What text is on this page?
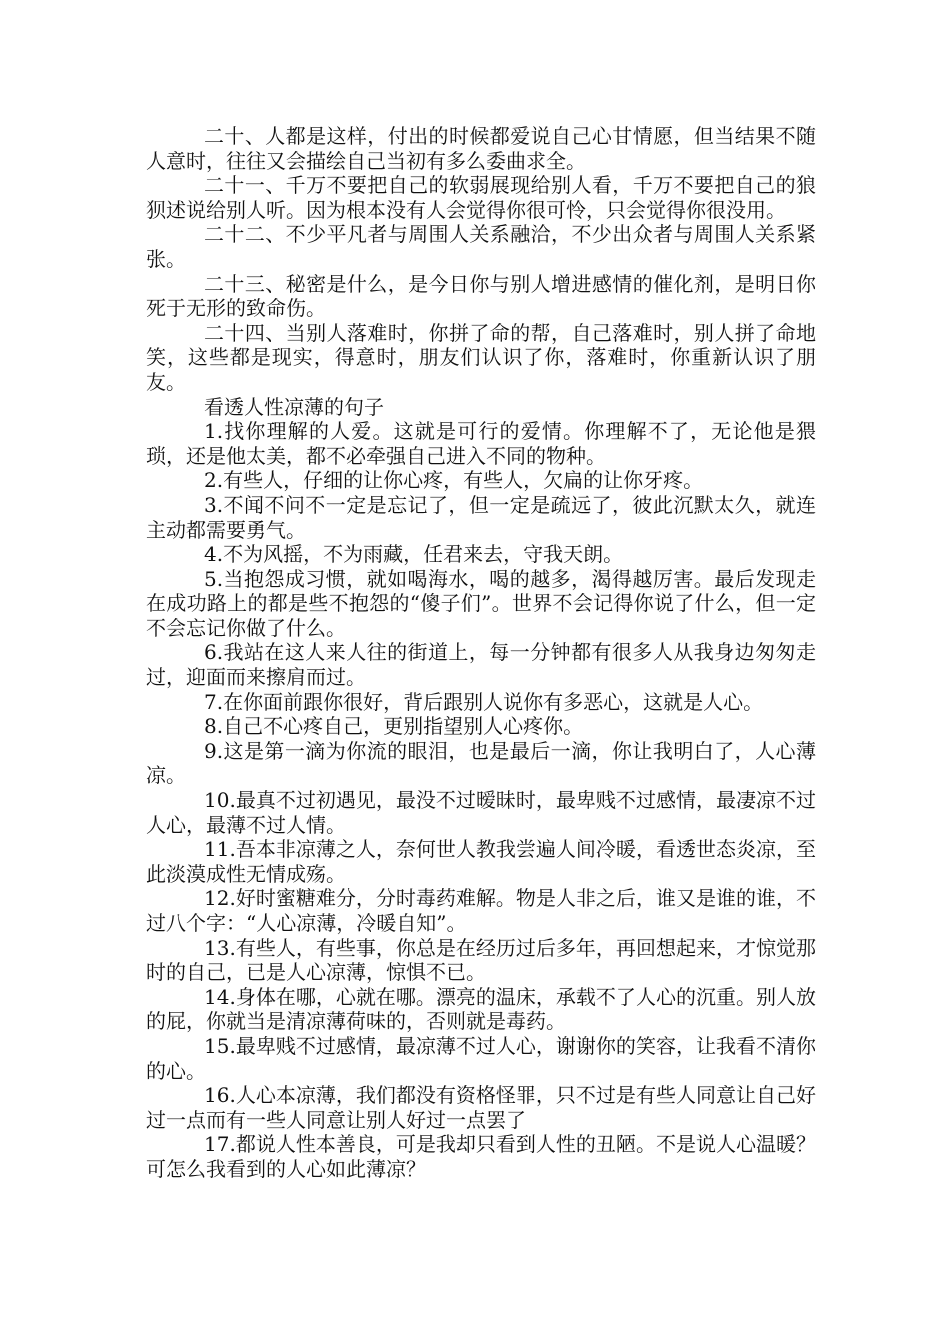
二十、人都是这样，付出的时候都爱说自己心甘情愿，但当结果不随人意时，往往又会描绘自己当初有多么委曲求全。

二十一、千万不要把自己的软弱展现给别人看，千万不要把自己的狼狈述说给别人听。因为根本没有人会觉得你很可怜，只会觉得你很没用。

二十二、不少平凡者与周围人关系融洽，不少出众者与周围人关系紧张。

二十三、秘密是什么，是今日你与别人增进感情的催化剂，是明日你死于无形的致命伤。

二十四、当别人落难时，你拼了命的帮，自己落难时，别人拼了命地笑，这些都是现实，得意时，朋友们认识了你，落难时，你重新认识了朋友。

看透人性凉薄的句子

1.找你理解的人爱。这就是可行的爱情。你理解不了，无论他是猥琐，还是他太美，都不必牵强自己进入不同的物种。

2.有些人，仔细的让你心疼，有些人，欠扁的让你牙疼。

3.不闻不问不一定是忘记了，但一定是疏远了，彼此沉默太久，就连主动都需要勇气。

4.不为风摇，不为雨藏，任君来去，守我天朗。

5.当抱怨成习惯，就如喝海水，喝的越多，渴得越厉害。最后发现走在成功路上的都是些不抱怨的“傻子们”。世界不会记得你说了什么，但一定不会忘记你做了什么。

6.我站在这人来人往的街道上，每一分钟都有很多人从我身边匆匆走过，迎面而来擦肩而过。

7.在你面前跟你很好，背后跟别人说你有多恶心，这就是人心。

8.自己不心疼自己，更别指望别人心疼你。

9.这是第一滴为你流的眼泪，也是最后一滴，你让我明白了，人心薄凉。

10.最真不过初遇见，最没不过暧昧时，最卑贱不过感情，最凄凉不过人心，最薄不过人情。

11.吾本非凉薄之人，奈何世人教我尝遍人间冷暖，看透世态炎凉，至此淡漠成性无情成殇。

12.好时蜜糖难分，分时毒药难解。物是人非之后，谁又是谁的谁，不过八个字：“人心凉薄，冷暖自知”。

13.有些人，有些事，你总是在经历过后多年，再回想起来，才惊觉那时的自己，已是人心凉薄，惊惧不已。

14.身体在哪，心就在哪。漂亮的温床，承载不了人心的沉重。别人放的屁，你就当是清凉薄荷味的，否则就是毒药。

15.最卑贱不过感情，最凉薄不过人心，谢谢你的笑容，让我看不清你的心。

16.人心本凉薄，我们都没有资格怪罪，只不过是有些人同意让自己好过一点而有一些人同意让别人好过一点罢了

17.都说人性本善良，可是我却只看到人性的丑陋。不是说人心温暖？可怎么我看到的人心如此薄凉？
